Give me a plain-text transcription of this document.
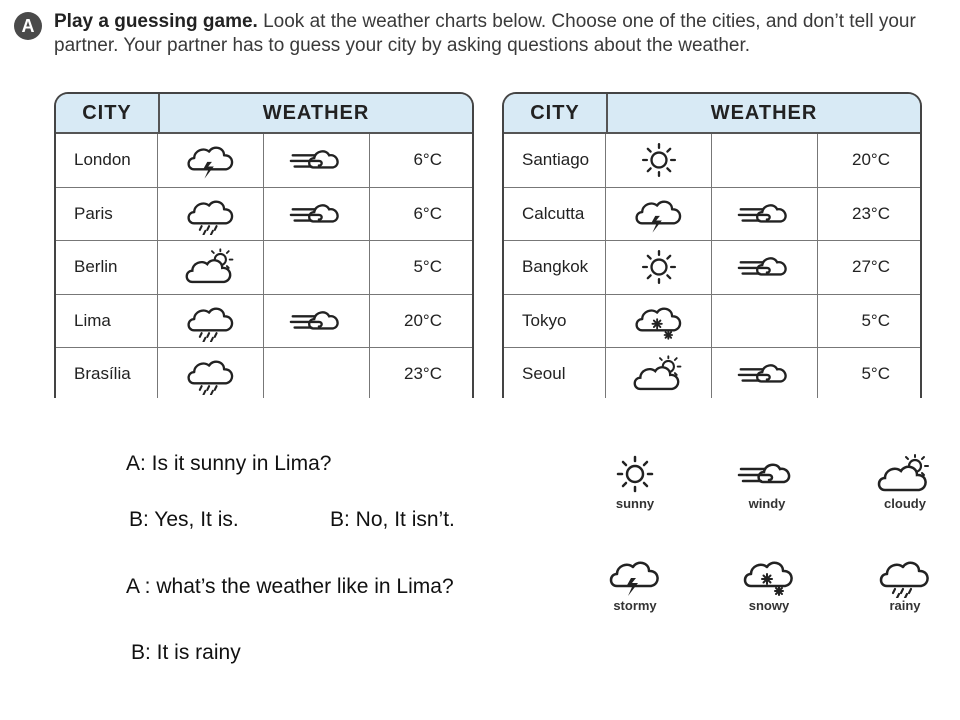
A	Play a guessing game. Look at the weather charts below. Choose one of the cities, and don’t tell your partner. Your partner has to guess your city by asking questions about the weather.
CITY	WEATHER
London	6°C
Paris	6°C
Berlin	5°C
Lima	20°C
Brasília	23°C
CITY	WEATHER
Santiago	20°C
Calcutta	23°C
Bangkok	27°C
Tokyo	5°C
Seoul	5°C
A: Is it sunny in Lima?
B: Yes, It is.	B: No, It isn’t.
A : what’s the weather like in Lima?
B: It is rainy
sunny	windy	cloudy
stormy	snowy	rainy
